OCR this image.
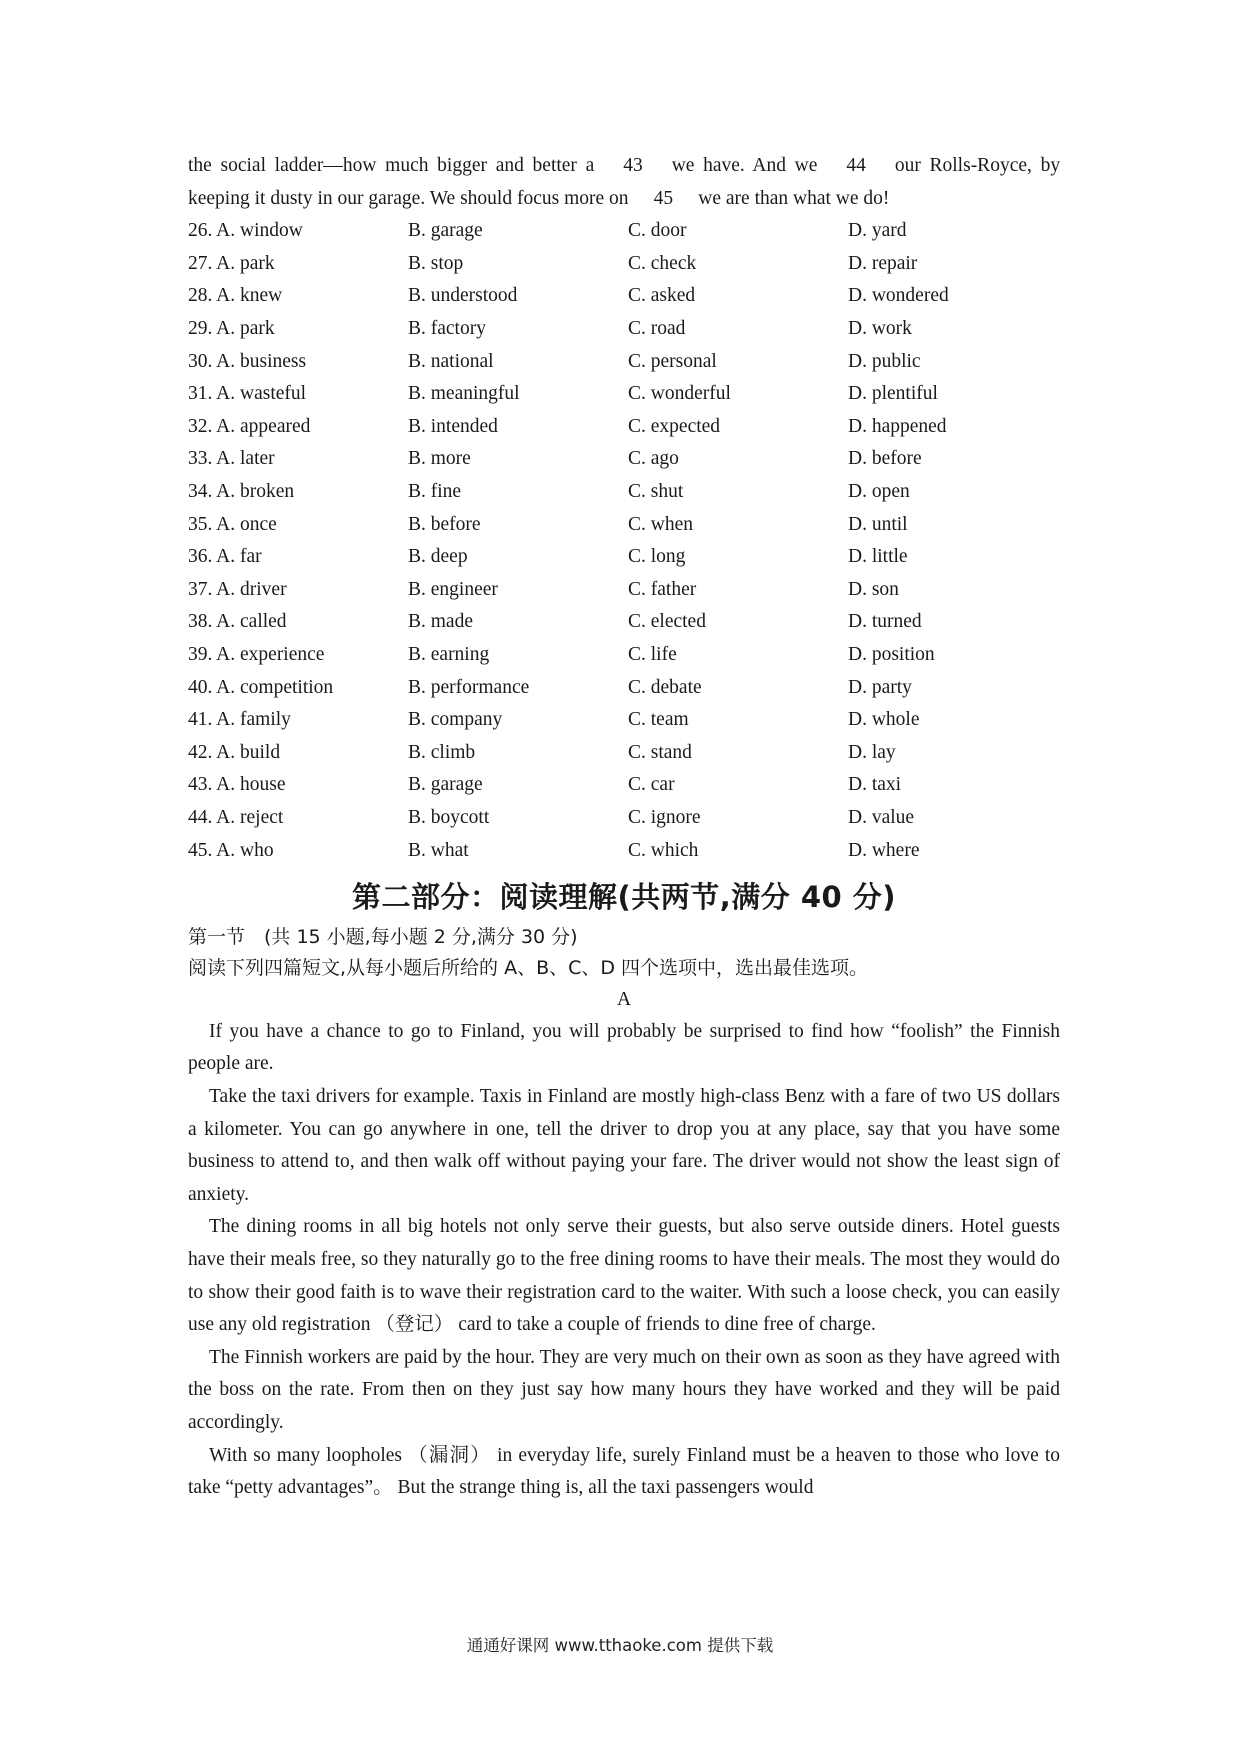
the social ladder—how much bigger and better a 43 we have. And we 44 our Rolls-Royce, by keeping it dusty in our garage. We should focus more on 45 we are than what we do!
26. A. window	B. garage	C. door	D. yard
27. A. park	B. stop	C. check	D. repair
28. A. knew	B. understood	C. asked	D. wondered
29. A. park	B. factory	C. road	D. work
30. A. business	B. national	C. personal	D. public
31. A. wasteful	B. meaningful	C. wonderful	D. plentiful
32. A. appeared	B. intended	C. expected	D. happened
33. A. later	B. more	C. ago	D. before
34. A. broken	B. fine	C. shut	D. open
35. A. once	B. before	C. when	D. until
36. A. far	B. deep	C. long	D. little
37. A. driver	B. engineer	C. father	D. son
38. A. called	B. made	C. elected	D. turned
39. A. experience	B. earning	C. life	D. position
40. A. competition	B. performance	C. debate	D. party
41. A. family	B. company	C. team	D. whole
42. A. build	B. climb	C. stand	D. lay
43. A. house	B. garage	C. car	D. taxi
44. A. reject	B. boycott	C. ignore	D. value
45. A. who	B. what	C. which	D. where
第二部分：阅读理解(共两节,满分 40 分)
第一节　(共 15 小题,每小题 2 分,满分 30 分)
阅读下列四篇短文,从每小题后所给的 A、B、C、D 四个选项中，选出最佳选项。
A

If you have a chance to go to Finland, you will probably be surprised to find how “foolish” the Finnish people are.

Take the taxi drivers for example. Taxis in Finland are mostly high-class Benz with a fare of two US dollars a kilometer. You can go anywhere in one, tell the driver to drop you at any place, say that you have some business to attend to, and then walk off without paying your fare. The driver would not show the least sign of anxiety.

The dining rooms in all big hotels not only serve their guests, but also serve outside diners. Hotel guests have their meals free, so they naturally go to the free dining rooms to have their meals. The most they would do to show their good faith is to wave their registration card to the waiter. With such a loose check, you can easily use any old registration （登记） card to take a couple of friends to dine free of charge.

The Finnish workers are paid by the hour. They are very much on their own as soon as they have agreed with the boss on the rate. From then on they just say how many hours they have worked and they will be paid accordingly.

With so many loopholes （漏洞） in everyday life, surely Finland must be a heaven to those who love to take “petty advantages”。 But the strange thing is, all the taxi passengers would

通通好课网 www.tthaoke.com 提供下载
